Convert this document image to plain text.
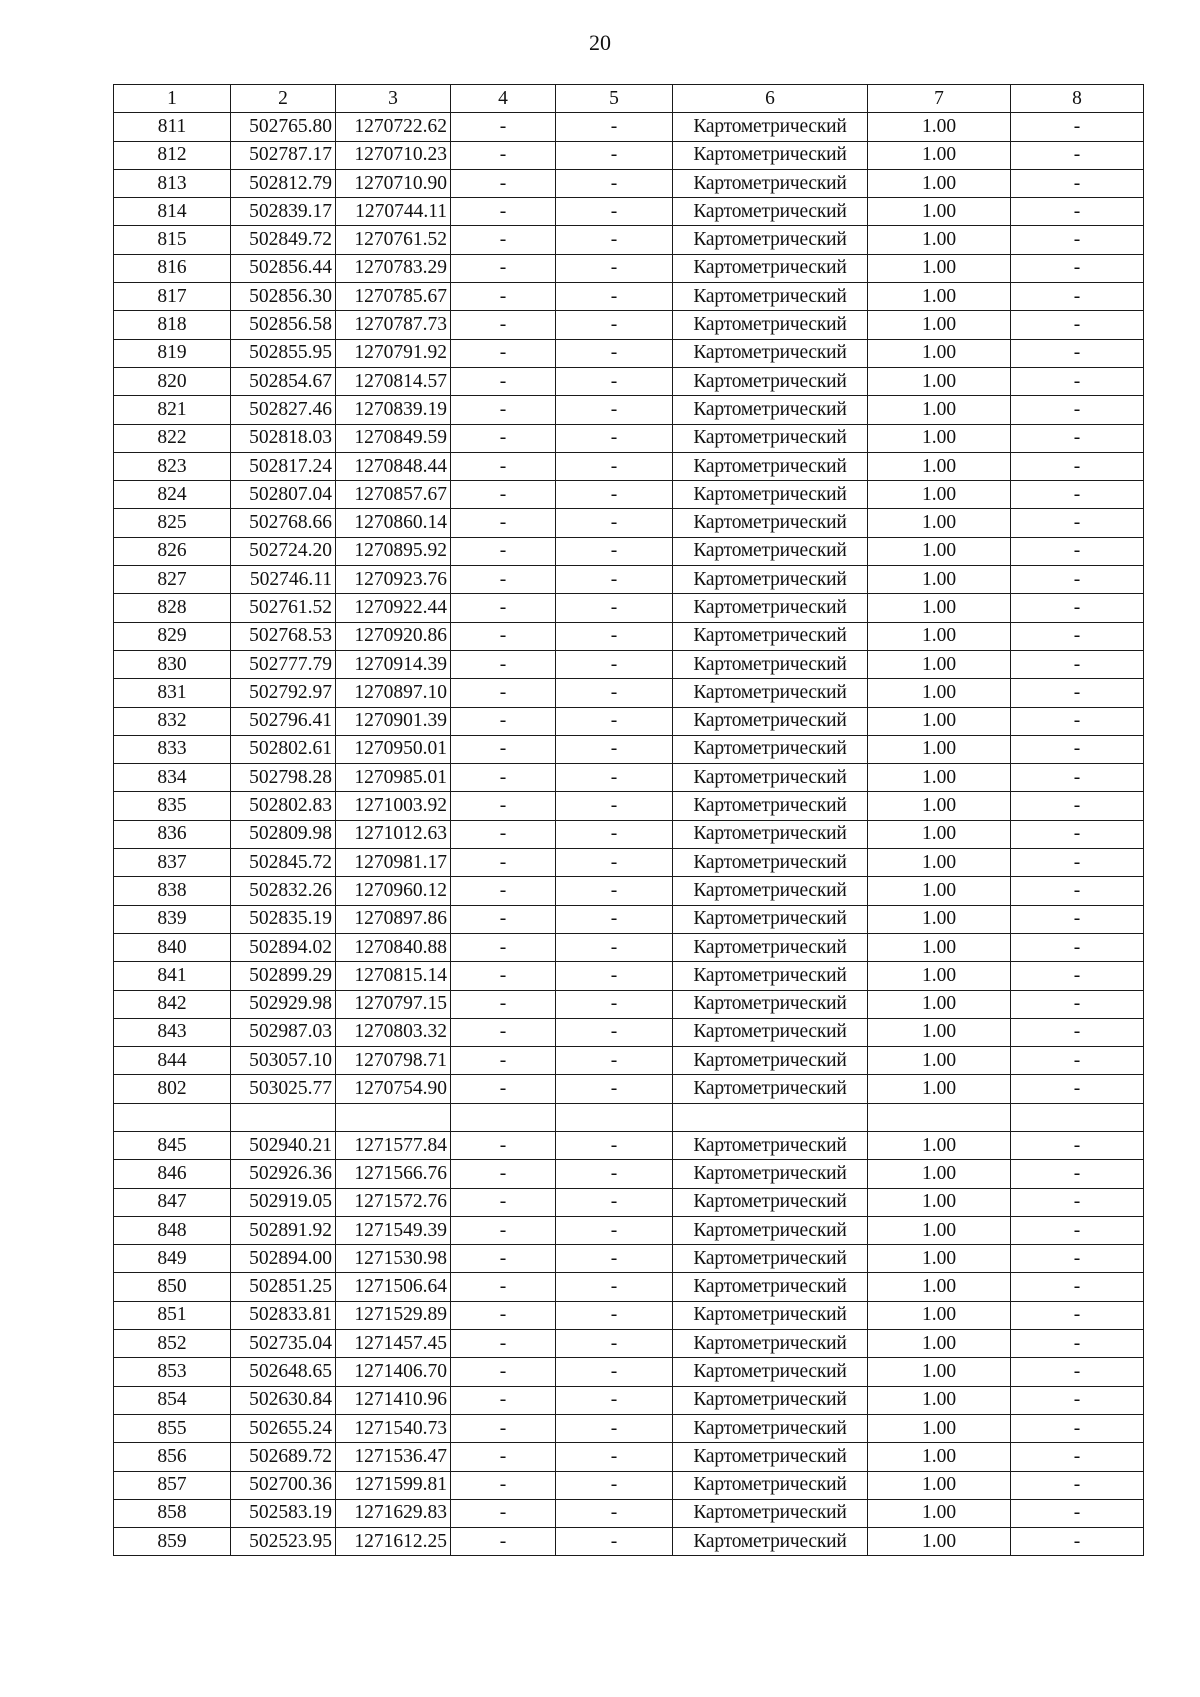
20
1	2	3	4	5	6	7	8
811	502765.80	1270722.62	-	-	Картометрический	1.00	-
812	502787.17	1270710.23	-	-	Картометрический	1.00	-
813	502812.79	1270710.90	-	-	Картометрический	1.00	-
814	502839.17	1270744.11	-	-	Картометрический	1.00	-
815	502849.72	1270761.52	-	-	Картометрический	1.00	-
816	502856.44	1270783.29	-	-	Картометрический	1.00	-
817	502856.30	1270785.67	-	-	Картометрический	1.00	-
818	502856.58	1270787.73	-	-	Картометрический	1.00	-
819	502855.95	1270791.92	-	-	Картометрический	1.00	-
820	502854.67	1270814.57	-	-	Картометрический	1.00	-
821	502827.46	1270839.19	-	-	Картометрический	1.00	-
822	502818.03	1270849.59	-	-	Картометрический	1.00	-
823	502817.24	1270848.44	-	-	Картометрический	1.00	-
824	502807.04	1270857.67	-	-	Картометрический	1.00	-
825	502768.66	1270860.14	-	-	Картометрический	1.00	-
826	502724.20	1270895.92	-	-	Картометрический	1.00	-
827	502746.11	1270923.76	-	-	Картометрический	1.00	-
828	502761.52	1270922.44	-	-	Картометрический	1.00	-
829	502768.53	1270920.86	-	-	Картометрический	1.00	-
830	502777.79	1270914.39	-	-	Картометрический	1.00	-
831	502792.97	1270897.10	-	-	Картометрический	1.00	-
832	502796.41	1270901.39	-	-	Картометрический	1.00	-
833	502802.61	1270950.01	-	-	Картометрический	1.00	-
834	502798.28	1270985.01	-	-	Картометрический	1.00	-
835	502802.83	1271003.92	-	-	Картометрический	1.00	-
836	502809.98	1271012.63	-	-	Картометрический	1.00	-
837	502845.72	1270981.17	-	-	Картометрический	1.00	-
838	502832.26	1270960.12	-	-	Картометрический	1.00	-
839	502835.19	1270897.86	-	-	Картометрический	1.00	-
840	502894.02	1270840.88	-	-	Картометрический	1.00	-
841	502899.29	1270815.14	-	-	Картометрический	1.00	-
842	502929.98	1270797.15	-	-	Картометрический	1.00	-
843	502987.03	1270803.32	-	-	Картометрический	1.00	-
844	503057.10	1270798.71	-	-	Картометрический	1.00	-
802	503025.77	1270754.90	-	-	Картометрический	1.00	-

845	502940.21	1271577.84	-	-	Картометрический	1.00	-
846	502926.36	1271566.76	-	-	Картометрический	1.00	-
847	502919.05	1271572.76	-	-	Картометрический	1.00	-
848	502891.92	1271549.39	-	-	Картометрический	1.00	-
849	502894.00	1271530.98	-	-	Картометрический	1.00	-
850	502851.25	1271506.64	-	-	Картометрический	1.00	-
851	502833.81	1271529.89	-	-	Картометрический	1.00	-
852	502735.04	1271457.45	-	-	Картометрический	1.00	-
853	502648.65	1271406.70	-	-	Картометрический	1.00	-
854	502630.84	1271410.96	-	-	Картометрический	1.00	-
855	502655.24	1271540.73	-	-	Картометрический	1.00	-
856	502689.72	1271536.47	-	-	Картометрический	1.00	-
857	502700.36	1271599.81	-	-	Картометрический	1.00	-
858	502583.19	1271629.83	-	-	Картометрический	1.00	-
859	502523.95	1271612.25	-	-	Картометрический	1.00	-
